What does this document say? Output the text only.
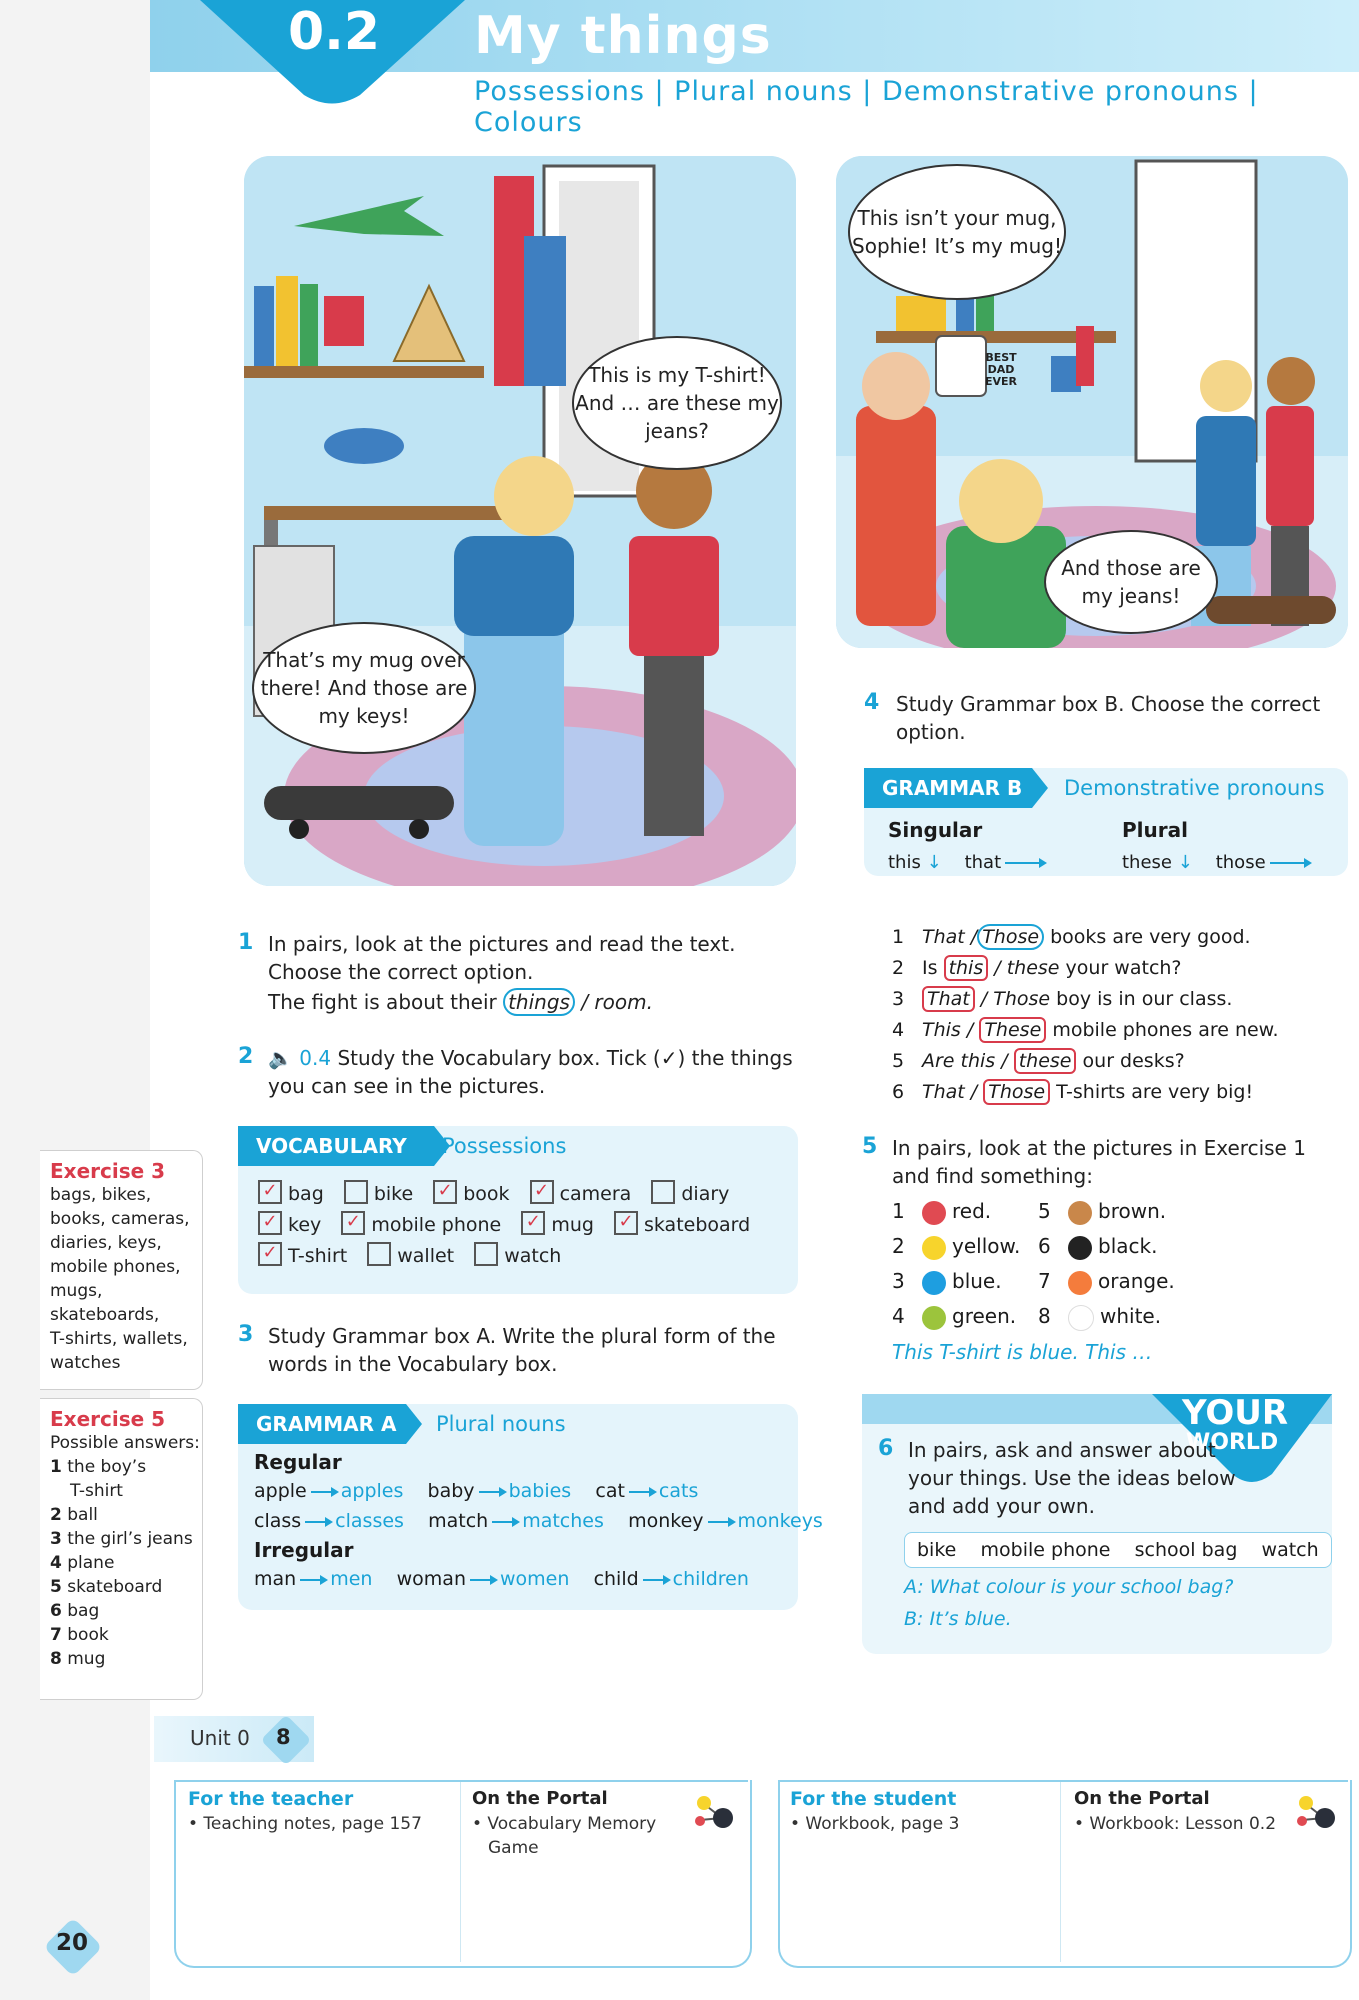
0.2 My things
Possessions | Plural nouns | Demonstrative pronouns | Colours
This is my T-shirt! And … are these my jeans?
That’s my mug over there! And those are my keys!
BEST DAD EVER
This isn’t your mug, Sophie! It’s my mug!
And those are my jeans!
1 In pairs, look at the pictures and read the text. Choose the correct option.
The fight is about their things / room.
2 🔈 0.4 Study the Vocabulary box. Tick (✓) the things you can see in the pictures.
VOCABULARY	Possessions
✓ bag	bike ✓ book ✓ camera	diary
✓ key ✓ mobile phone ✓ mug ✓ skateboard
✓ T-shirt	wallet	watch
3 Study Grammar box A. Write the plural form of the words in the Vocabulary box.
GRAMMAR A	Plural nouns
Regular
apple apples baby babies cat cats
class classes match matches monkey monkeys
Irregular
man men woman women child children
4 Study Grammar box B. Choose the correct option.
GRAMMAR B	Demonstrative pronouns
Singular	Plural
this ↓ that	these ↓ those
1 That / Those books are very good.
2 Is this / these your watch?
3 That / Those boy is in our class.
4 This / These mobile phones are new.
5 Are this / these our desks?
6 That / Those T-shirts are very big!
5 In pairs, look at the pictures in Exercise 1 and find something:
1 red.
2 yellow.
3 blue.
4 green.
5 brown.
6 black.
7 orange.
8 white.
This T-shirt is blue. This …
YOUR
WORLD
6 In pairs, ask and answer about your things. Use the ideas below and add your own.
bike mobile phone school bag watch
A: What colour is your school bag?
B: It’s blue.
Exercise 3
bags, bikes,
books, cameras,
diaries, keys,
mobile phones,
mugs,
skateboards,
T-shirts, wallets,
watches
Exercise 5
Possible answers:
1 the boy’s
T-shirt
2 ball
3 the girl’s jeans
4 plane
5 skateboard
6 bag
7 book
8 mug
Unit 0 8
For the teacher
• Teaching notes, page 157
On the Portal
• Vocabulary Memory
Game
For the student
• Workbook, page 3
On the Portal
• Workbook: Lesson 0.2
20
